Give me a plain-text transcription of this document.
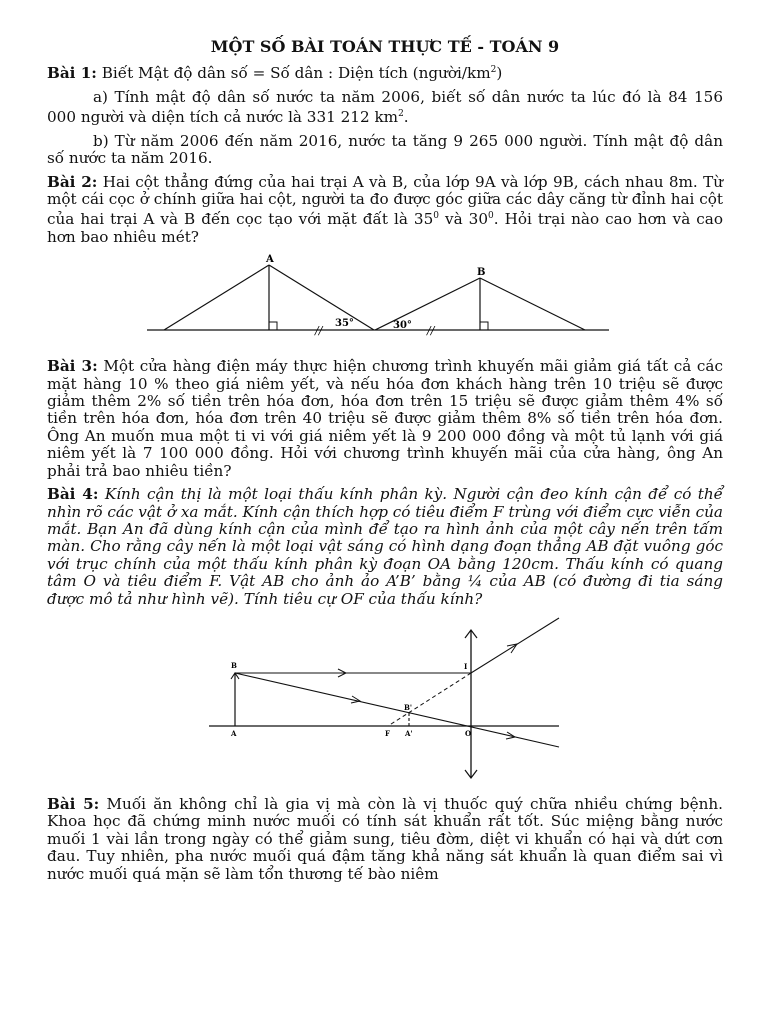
MỘT SỐ BÀI TOÁN THỰC TẾ - TOÁN 9

Bài 1: Biết Mật độ dân số = Số dân : Diện tích $(người/km^2)$

a) Tính mật độ dân số nước ta năm 2006, biết số dân nước ta lúc đó là 84 156 000 người và diện tích cả nước là 331 212 $km^2$.

b) Từ năm 2006 đến năm 2016, nước ta tăng 9 265 000 người. Tính mật độ dân số nước ta năm 2016.

Bài 2: Hai cột thẳng đứng của hai trại A và B, của lớp 9A và lớp 9B, cách nhau 8m. Từ một cái cọc ở chính giữa hai cột, người ta đo được góc giữa các dây căng từ đỉnh hai cột của hai trại A và B đến cọc tạo với mặt đất là $35^0$ và $30^0$. Hỏi trại nào cao hơn và cao hơn bao nhiêu mét?

A
B
35°	30°
//	//

Bài 3: Một cửa hàng điện máy thực hiện chương trình khuyến mãi giảm giá tất cả các mặt hàng 10 % theo giá niêm yết, và nếu hóa đơn khách hàng trên 10 triệu sẽ được giảm thêm 2% số tiền trên hóa đơn, hóa đơn trên 15 triệu sẽ được giảm thêm 4% số tiền trên hóa đơn, hóa đơn trên 40 triệu sẽ được giảm thêm 8% số tiền trên hóa đơn. Ông An muốn mua một ti vi với giá niêm yết là 9 200 000 đồng và một tủ lạnh với giá niêm yết là 7 100 000 đồng. Hỏi với chương trình khuyến mãi của cửa hàng, ông An phải trả bao nhiêu tiền?

Bài 4: Kính cận thị là một loại thấu kính phân kỳ. Người cận đeo kính cận để có thể nhìn rõ các vật ở xa mắt. Kính cận thích hợp có tiêu điểm F trùng với điểm cực viễn của mắt. Bạn An đã dùng kính cận của mình để tạo ra hình ảnh của một cây nến trên tấm màn. Cho rằng cây nến là một loại vật sáng có hình dạng đoạn thẳng AB đặt vuông góc với trục chính của một thấu kính phân kỳ đoạn OA bằng 120cm. Thấu kính có quang tâm O và tiêu điểm F. Vật AB cho ảnh ảo A’B’ bằng ¼ của AB (có đường đi tia sáng được mô tả như hình vẽ). Tính tiêu cự OF của thấu kính?

B
A
I
B'
A'
F	O

Bài 5: Muối ăn không chỉ là gia vị mà còn là vị thuốc quý chữa nhiều chứng bệnh. Khoa học đã chứng minh nước muối có tính sát khuẩn rất tốt. Súc miệng bằng nước muối 1 vài lần trong ngày có thể giảm sung, tiêu đờm, diệt vi khuẩn có hại và dứt cơn đau. Tuy nhiên, pha nước muối quá đậm tăng khả năng sát khuẩn là quan điểm sai vì nước muối quá mặn sẽ làm tổn thương tế bào niêm
